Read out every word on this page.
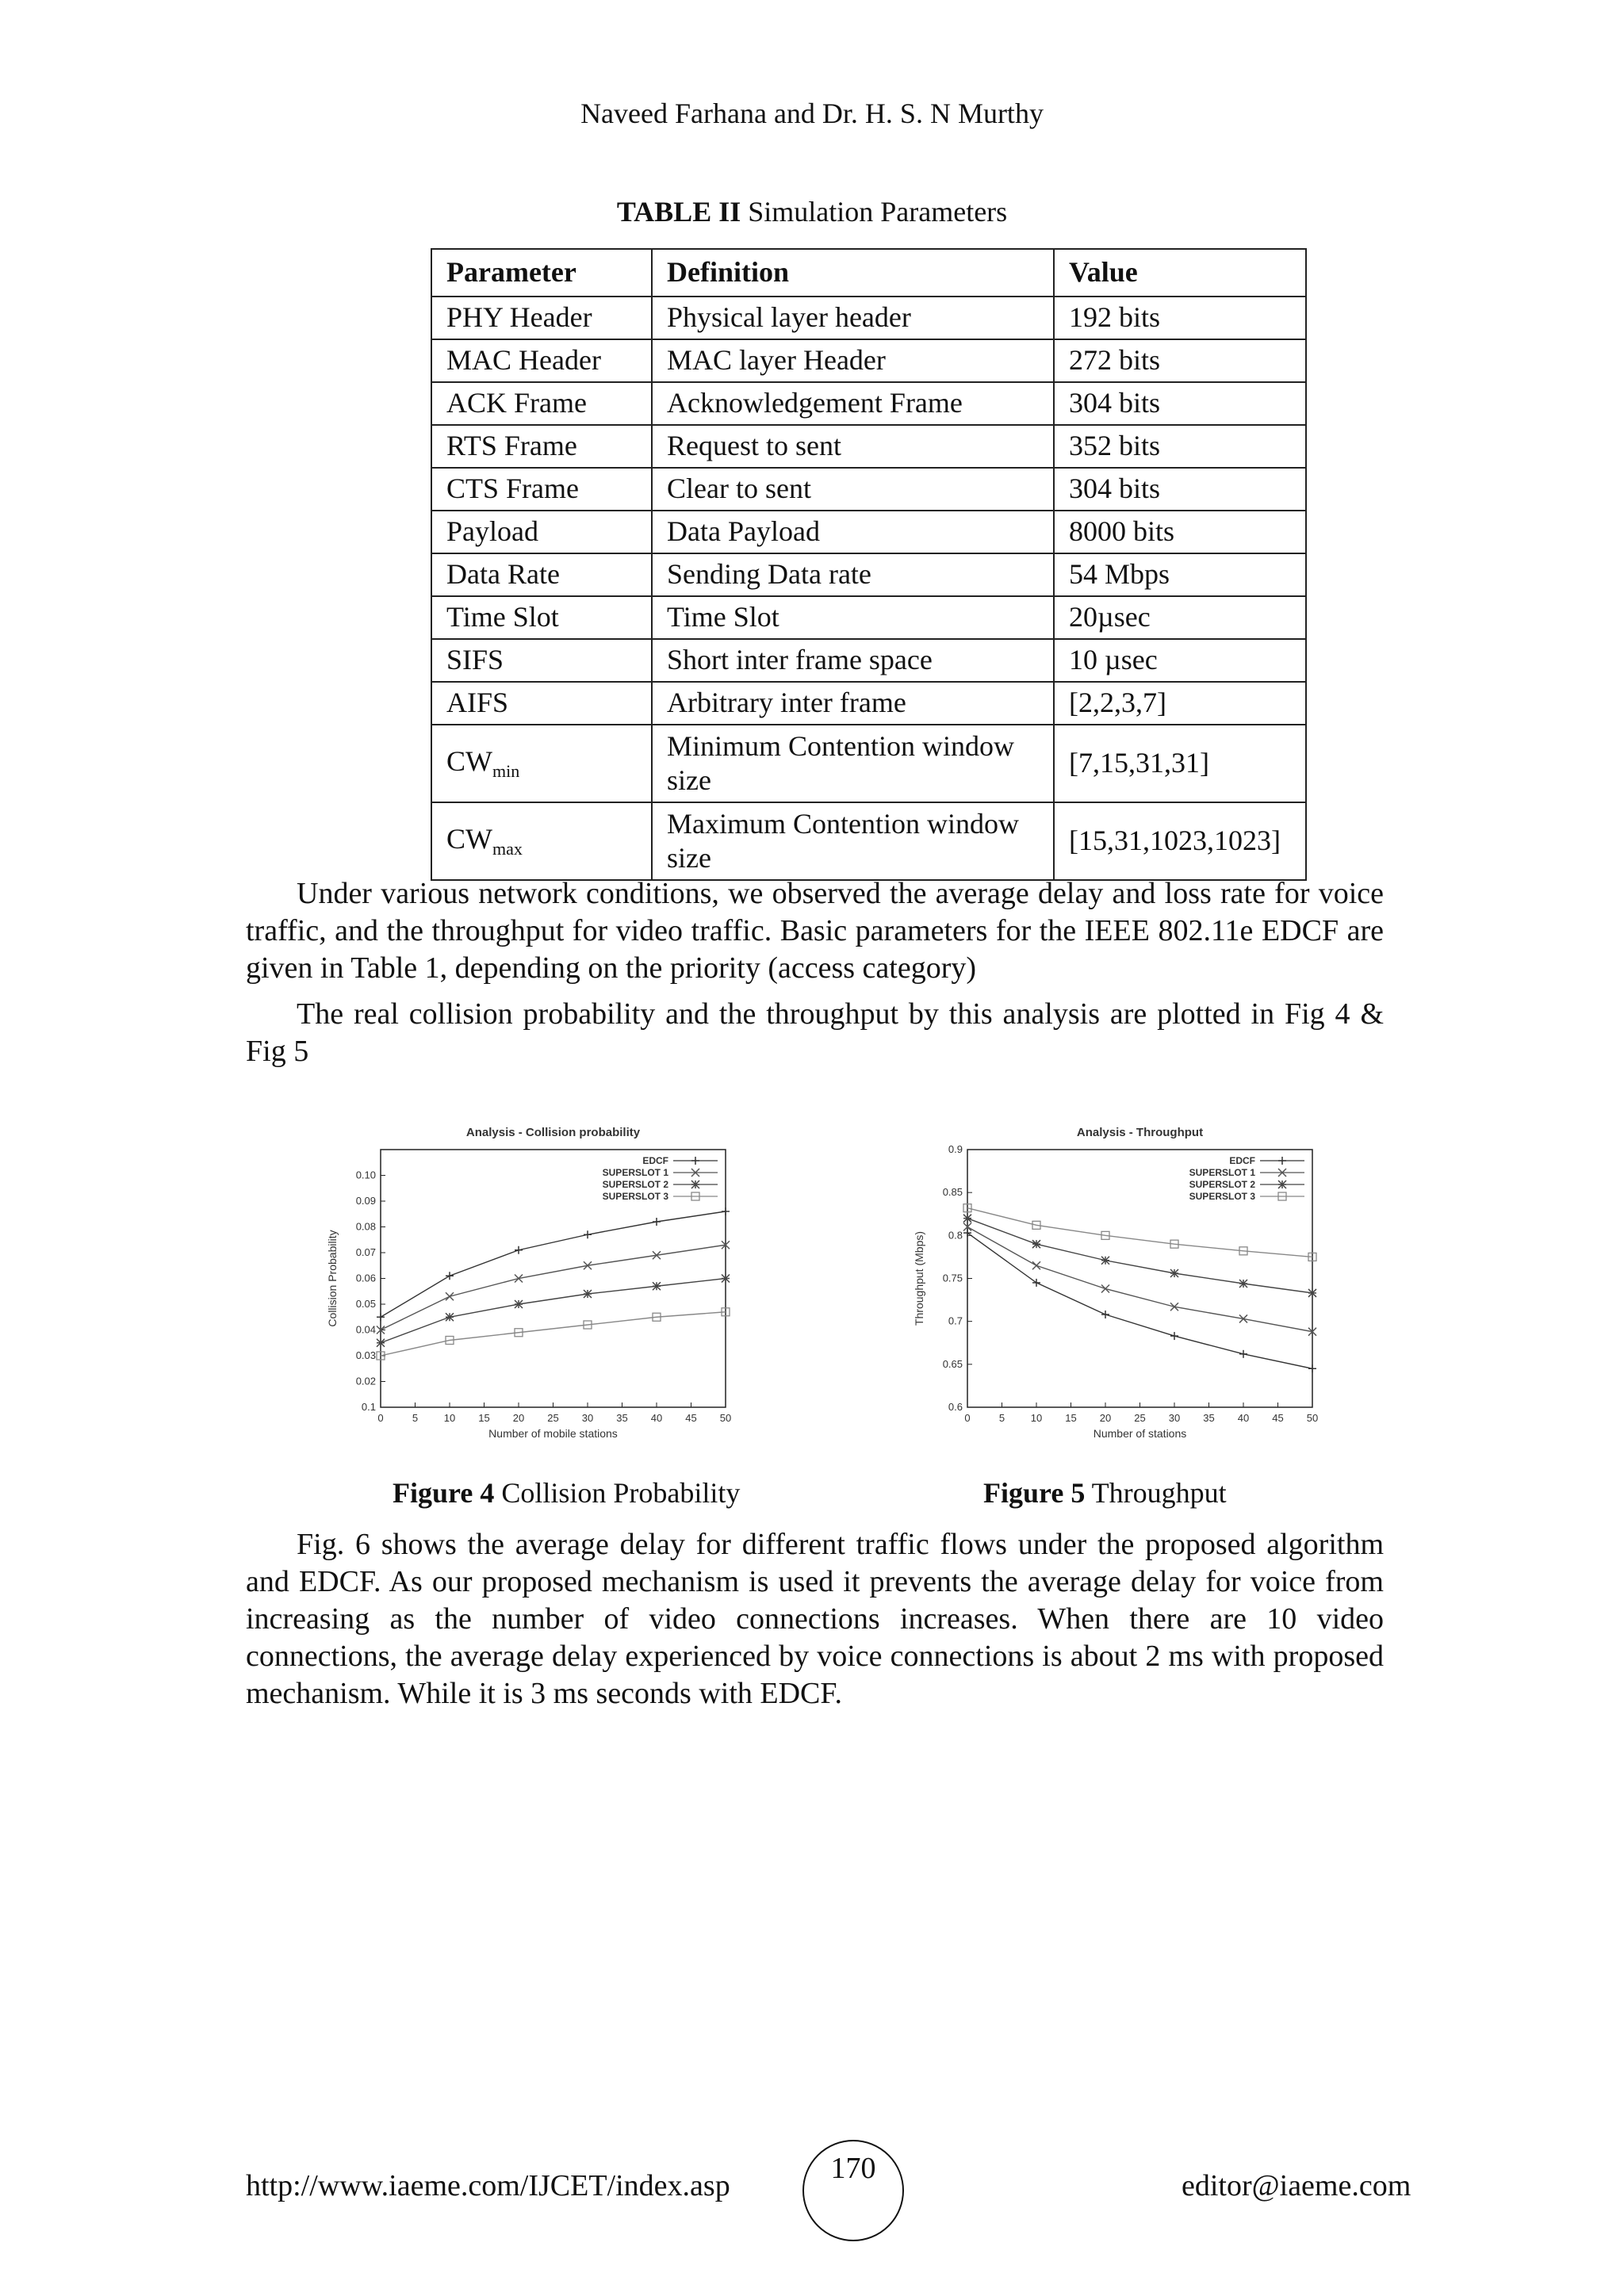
Naveed Farhana and Dr. H. S. N Murthy
TABLE II Simulation Parameters
Parameter	Definition	Value
PHY Header	Physical layer header	192 bits
MAC Header	MAC layer Header	272 bits
ACK Frame	Acknowledgement Frame	304 bits
RTS Frame	Request to sent	352 bits
CTS Frame	Clear to sent	304 bits
Payload	Data Payload	8000 bits
Data Rate	Sending Data rate	54 Mbps
Time Slot	Time Slot	20µsec
SIFS	Short inter frame space	10 µsec
AIFS	Arbitrary inter frame	[2,2,3,7]
$CW_{min}$	Minimum Contention window size	[7,15,31,31]
$CW_{max}$	Maximum Contention window size	[15,31,1023,1023]

Under various network conditions, we observed the average delay and loss rate for voice traffic, and the throughput for video traffic. Basic parameters for the IEEE 802.11e EDCF are given in Table 1, depending on the priority (access category)

The real collision probability and the throughput by this analysis are plotted in Fig 4 & Fig 5

Analysis - Collision probability
0	5	10 15 20 25 30 35 40 45 50
0.02
0.03
0.04
0.05
0.06
0.07
0.08
0.09
0.10
0.1
Number of mobile stations
Collision Probability
EDCF
SUPERSLOT 1
SUPERSLOT 2
SUPERSLOT 3
Analysis - Throughput
0	5	10 15 20 25 30 35 40 45 50
0.6
0.65
0.7
0.75
0.8
0.85
0.9
Number of stations
Throughput (Mbps)
EDCF
SUPERSLOT 1
SUPERSLOT 2
SUPERSLOT 3
Figure 4 Collision Probability	Figure 5 Throughput

Fig. 6 shows the average delay for different traffic flows under the proposed algorithm and EDCF. As our proposed mechanism is used it prevents the average delay for voice from increasing as the number of video connections increases. When there are 10 video connections, the average delay experienced by voice connections is about 2 ms with proposed mechanism. While it is 3 ms seconds with EDCF.

http://www.iaeme.com/IJCET/index.asp
170
editor@iaeme.com
